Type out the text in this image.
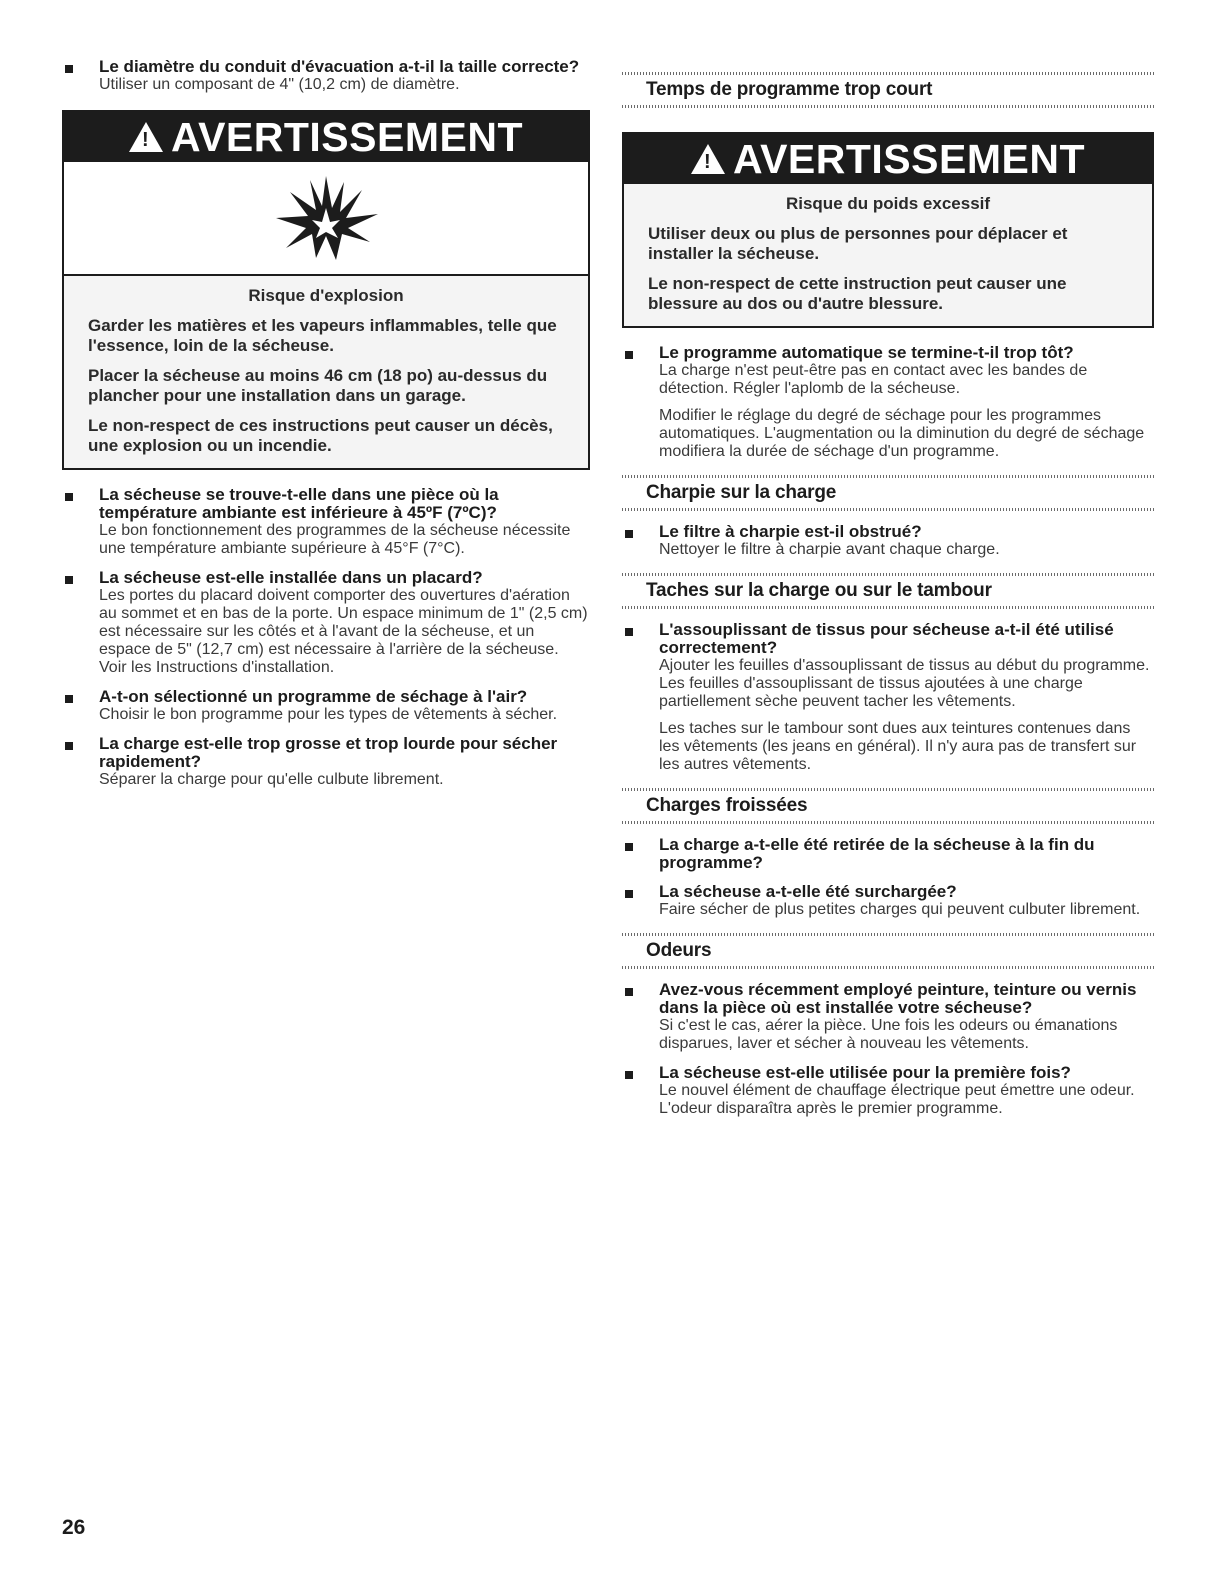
Le diamètre du conduit d'évacuation a-t-il la taille correcte?
Utiliser un composant de 4" (10,2 cm) de diamètre.
! AVERTISSEMENT
Risque d'explosion
Garder les matières et les vapeurs inflammables, telle que l'essence, loin de la sécheuse.
Placer la sécheuse au moins 46 cm (18 po) au-dessus du plancher pour une installation dans un garage.
Le non-respect de ces instructions peut causer un décès, une explosion ou un incendie.
La sécheuse se trouve-t-elle dans une pièce où la température ambiante est inférieure à 45ºF (7ºC)?
Le bon fonctionnement des programmes de la sécheuse nécessite une température ambiante supérieure à 45°F (7°C).
La sécheuse est-elle installée dans un placard?
Les portes du placard doivent comporter des ouvertures d'aération au sommet et en bas de la porte. Un espace minimum de 1" (2,5 cm) est nécessaire sur les côtés et à l'avant de la sécheuse, et un espace de 5" (12,7 cm) est nécessaire à l'arrière de la sécheuse. Voir les Instructions d'installation.
A-t-on sélectionné un programme de séchage à l'air?
Choisir le bon programme pour les types de vêtements à sécher.
La charge est-elle trop grosse et trop lourde pour sécher rapidement?
Séparer la charge pour qu'elle culbute librement.
Temps de programme trop court
! AVERTISSEMENT
Risque du poids excessif
Utiliser deux ou plus de personnes pour déplacer et installer la sécheuse.
Le non-respect de cette instruction peut causer une blessure au dos ou d'autre blessure.
Le programme automatique se termine-t-il trop tôt?
La charge n'est peut-être pas en contact avec les bandes de détection. Régler l'aplomb de la sécheuse.
Modifier le réglage du degré de séchage pour les programmes automatiques. L'augmentation ou la diminution du degré de séchage modifiera la durée de séchage d'un programme.
Charpie sur la charge
Le filtre à charpie est-il obstrué?
Nettoyer le filtre à charpie avant chaque charge.
Taches sur la charge ou sur le tambour
L'assouplissant de tissus pour sécheuse a-t-il été utilisé correctement?
Ajouter les feuilles d'assouplissant de tissus au début du programme. Les feuilles d'assouplissant de tissus ajoutées à une charge partiellement sèche peuvent tacher les vêtements.
Les taches sur le tambour sont dues aux teintures contenues dans les vêtements (les jeans en général). Il n'y aura pas de transfert sur les autres vêtements.
Charges froissées
La charge a-t-elle été retirée de la sécheuse à la fin du programme?
La sécheuse a-t-elle été surchargée?
Faire sécher de plus petites charges qui peuvent culbuter librement.
Odeurs
Avez-vous récemment employé peinture, teinture ou vernis dans la pièce où est installée votre sécheuse?
Si c'est le cas, aérer la pièce. Une fois les odeurs ou émanations disparues, laver et sécher à nouveau les vêtements.
La sécheuse est-elle utilisée pour la première fois?
Le nouvel élément de chauffage électrique peut émettre une odeur. L'odeur disparaîtra après le premier programme.
26
